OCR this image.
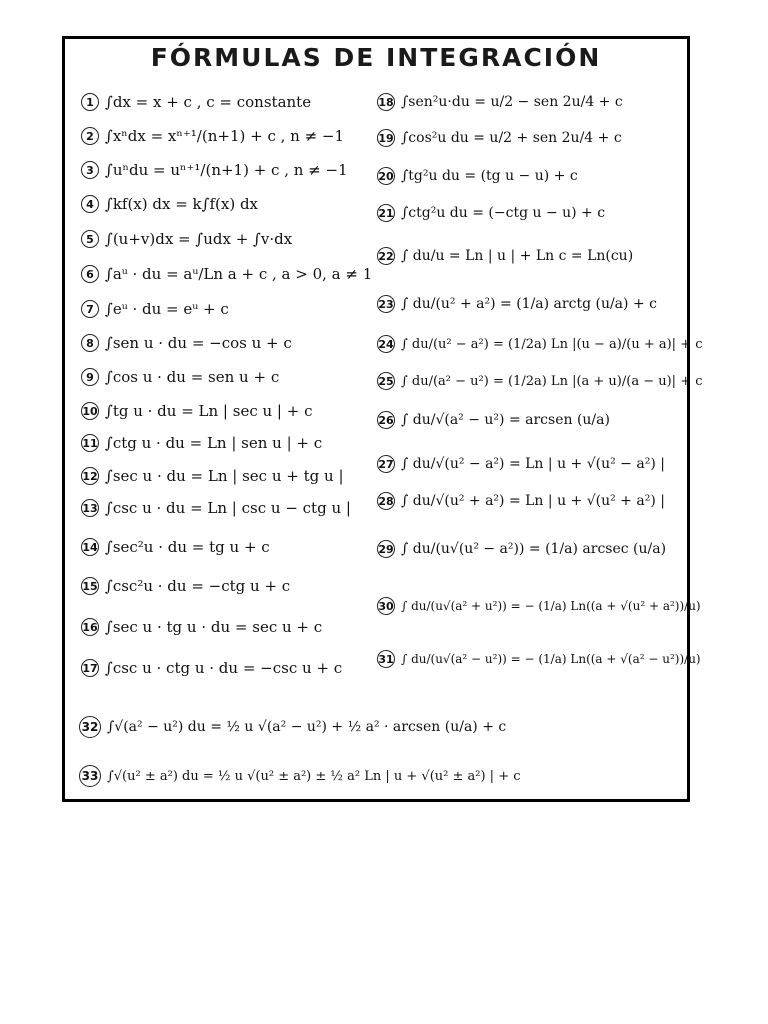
FÓRMULAS DE INTEGRACIÓN
1 ∫dx = x + c , c = constante
2 ∫xⁿdx = xⁿ⁺¹/(n+1) + c , n ≠ −1
3 ∫uⁿdu = uⁿ⁺¹/(n+1) + c , n ≠ −1
4 ∫kf(x) dx = k∫f(x) dx
5 ∫(u+v)dx = ∫udx + ∫v·dx
6 ∫aᵘ · du = aᵘ/Ln a + c , a > 0, a ≠ 1
7 ∫eᵘ · du = eᵘ + c
8 ∫sen u · du = −cos u + c
9 ∫cos u · du = sen u + c
10 ∫tg u · du = Ln | sec u | + c
11 ∫ctg u · du = Ln | sen u | + c
12 ∫sec u · du = Ln | sec u + tg u |
13 ∫csc u · du = Ln | csc u − ctg u |
14 ∫sec²u · du = tg u + c
15 ∫csc²u · du = −ctg u + c
16 ∫sec u · tg u · du = sec u + c
17 ∫csc u · ctg u · du = −csc u + c
18 ∫sen²u·du = u/2 − sen 2u/4 + c
19 ∫cos²u du = u/2 + sen 2u/4 + c
20 ∫tg²u du = (tg u − u) + c
21 ∫ctg²u du = (−ctg u − u) + c
22 ∫ du/u = Ln | u | + Ln c = Ln(cu)
23 ∫ du/(u² + a²) = (1/a) arctg (u/a) + c
24 ∫ du/(u² − a²) = (1/2a) Ln |(u − a)/(u + a)| + c
25 ∫ du/(a² − u²) = (1/2a) Ln |(a + u)/(a − u)| + c
26 ∫ du/√(a² − u²) = arcsen (u/a)
27 ∫ du/√(u² − a²) = Ln | u + √(u² − a²) |
28 ∫ du/√(u² + a²) = Ln | u + √(u² + a²) |
29 ∫ du/(u√(u² − a²)) = (1/a) arcsec (u/a)
30 ∫ du/(u√(a² + u²)) = − (1/a) Ln((a + √(u² + a²))/u)
31 ∫ du/(u√(a² − u²)) = − (1/a) Ln((a + √(a² − u²))/u)
32 ∫√(a² − u²) du = ½ u √(a² − u²) + ½ a² · arcsen (u/a) + c
33 ∫√(u² ± a²) du = ½ u √(u² ± a²) ± ½ a² Ln | u + √(u² ± a²) | + c
